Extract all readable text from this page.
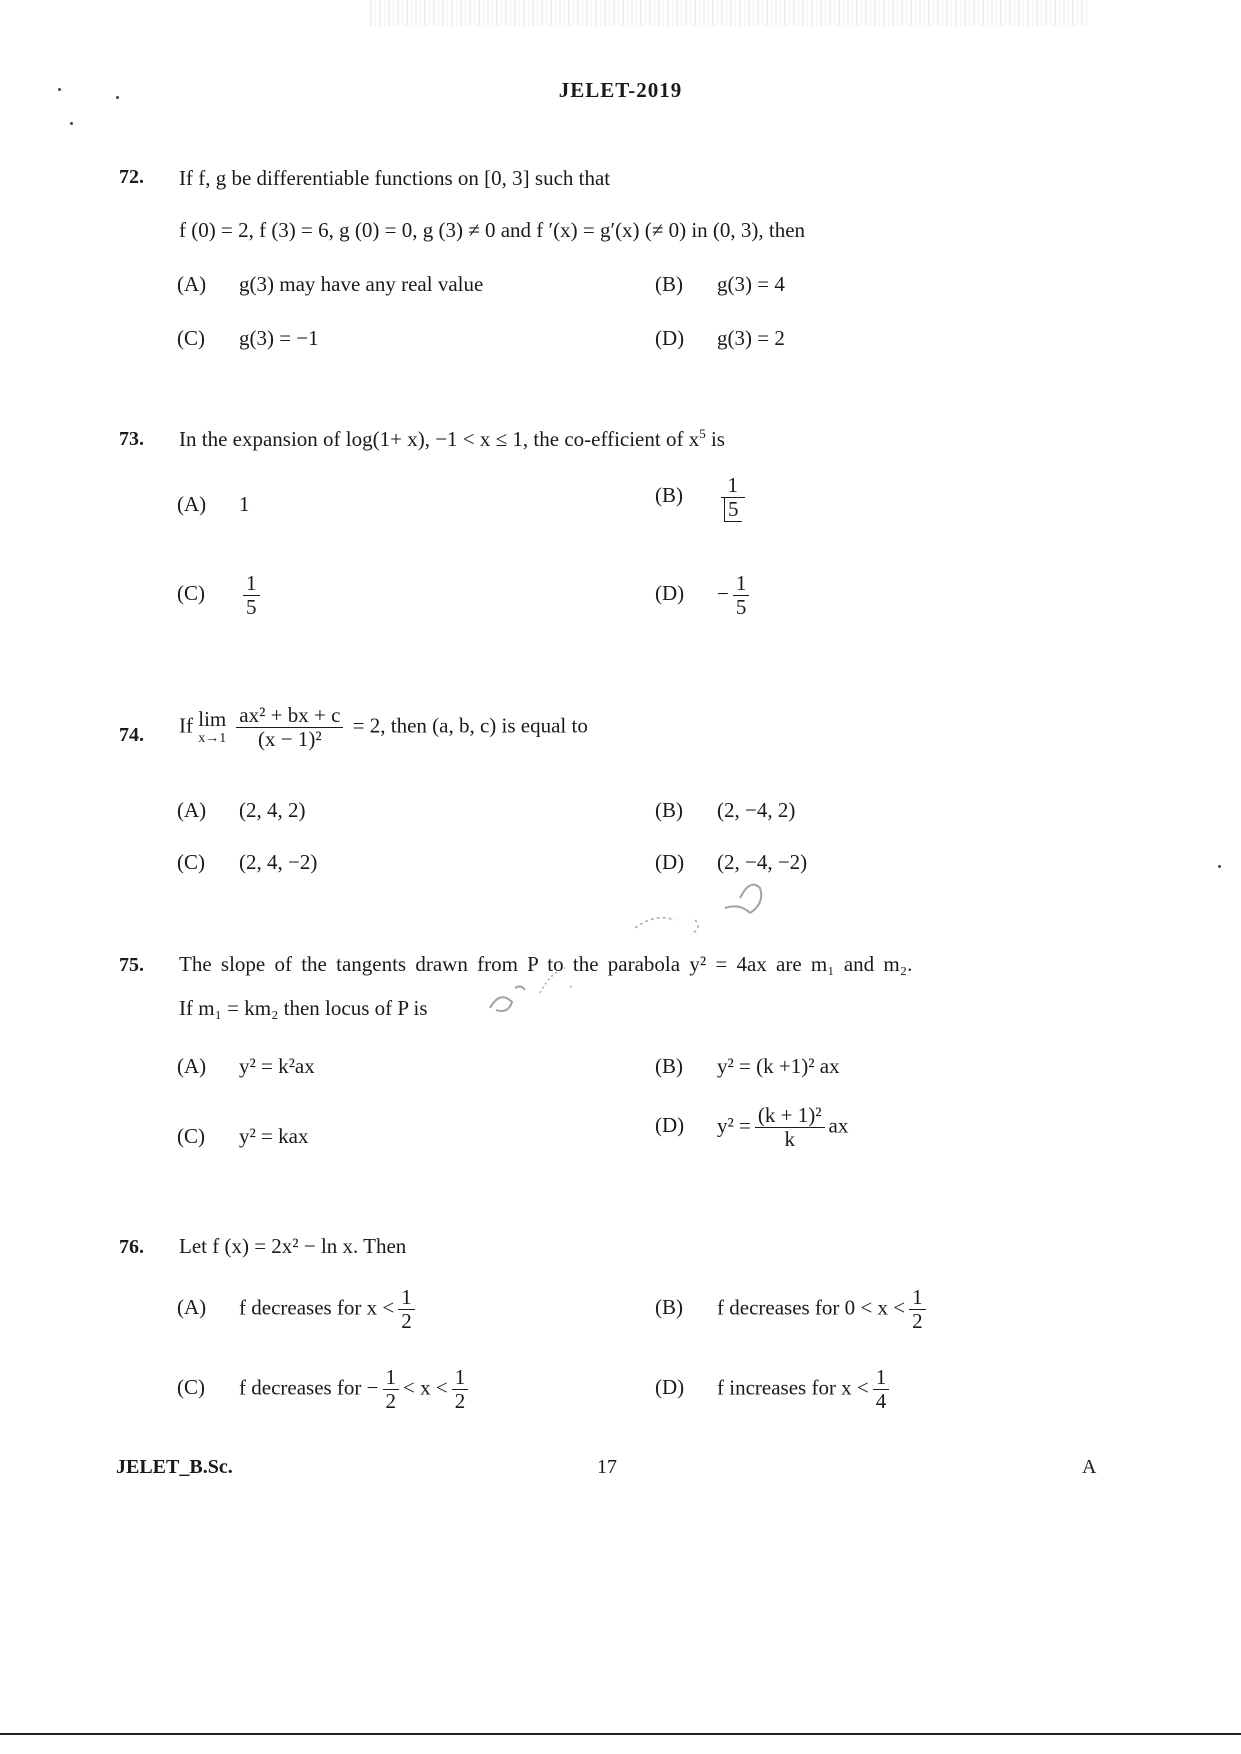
JELET-2019
72. If f, g be differentiable functions on [0, 3] such that
f (0) = 2, f (3) = 6, g (0) = 0, g (3) ≠ 0 and f ′(x) = g′(x) (≠ 0) in (0, 3), then
(A) g(3) may have any real value	(B) g(3) = 4
(C) g(3) = −1	(D) g(3) = 2
73. In the expansion of log(1+ x), −1 < x ≤ 1, the co-efficient of $x^5$ is
(A) 1	$(B) \frac{1}{5}$
$(C) \frac{1}{5}$	$(D) - \frac{1}{5}$
74. If lim
$x\to 1 \frac{\text{ax² + bx + c}}{\text{(x − 1)²}} = 2$, then (a, b, c) is equal to
(A) (2, 4, 2)	(B) (2, −4, 2)
(C) (2, 4, −2)	(D) (2, −4, −2)
75. The slope of the tangents drawn from P to the parabola y² = 4ax are m₁ and m₂.
If m₁ = km₂ then locus of P is
(A) y² = k²ax	(B) y² = (k +1)² ax
(C) y² = kax	(D) $y^2 = \frac{\text{(k + 1)²}}{k}$ ax
76. Let f (x) = 2x² − ln x. Then
(A) f decreases for $x < \frac{1}{2}$	(B) f decreases for $0 < x < \frac{1}{2}$
(C) f decreases for − $\frac{1}{2} < x < \frac{1}{2}$	(D) f increases for $x < \frac{1}{4}$
JELET_B.Sc.	17	A
